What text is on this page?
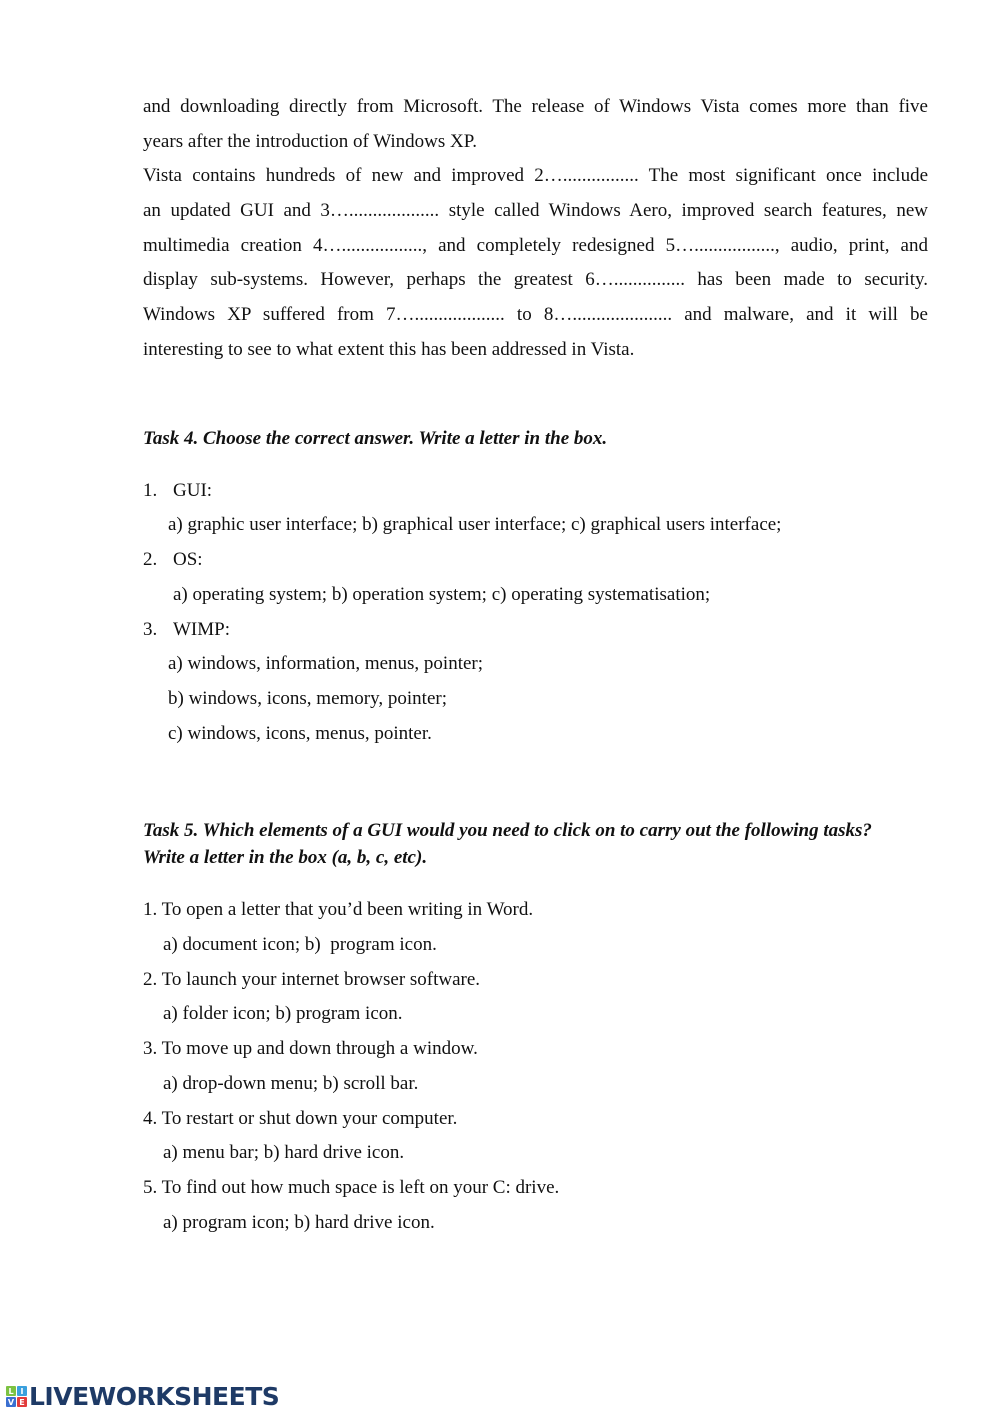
and downloading directly from Microsoft. The release of Windows Vista comes more than five
years after the introduction of Windows XP.
Vista contains hundreds of new and improved 2…................ The most significant once include
an updated GUI and 3…................... style called Windows Aero, improved search features, new
multimedia creation 4…................., and completely redesigned 5…................., audio, print, and
display sub-systems. However, perhaps the greatest 6…............... has been made to security.
Windows XP suffered from 7…................... to 8…..................... and malware, and it will be
interesting to see to what extent this has been addressed in Vista.
Task 4. Choose the correct answer. Write a letter in the box.
1. GUI:
a) graphic user interface; b) graphical user interface; c) graphical users interface;
2. OS:
a) operating system; b) operation system; c) operating systematisation;
3. WIMP:
a) windows, information, menus, pointer;
b) windows, icons, memory, pointer;
c) windows, icons, menus, pointer.
Task 5. Which elements of a GUI would you need to click on to carry out the following tasks?
Write a letter in the box (a, b, c, etc).
1. To open a letter that you’d been writing in Word.
a) document icon; b)  program icon.
2. To launch your internet browser software.
a) folder icon; b) program icon.
3. To move up and down through a window.
a) drop-down menu; b) scroll bar.
4. To restart or shut down your computer.
a) menu bar; b) hard drive icon.
5. To find out how much space is left on your C: drive.
a) program icon; b) hard drive icon.
L I
V E LIVEWORKSHEETS
